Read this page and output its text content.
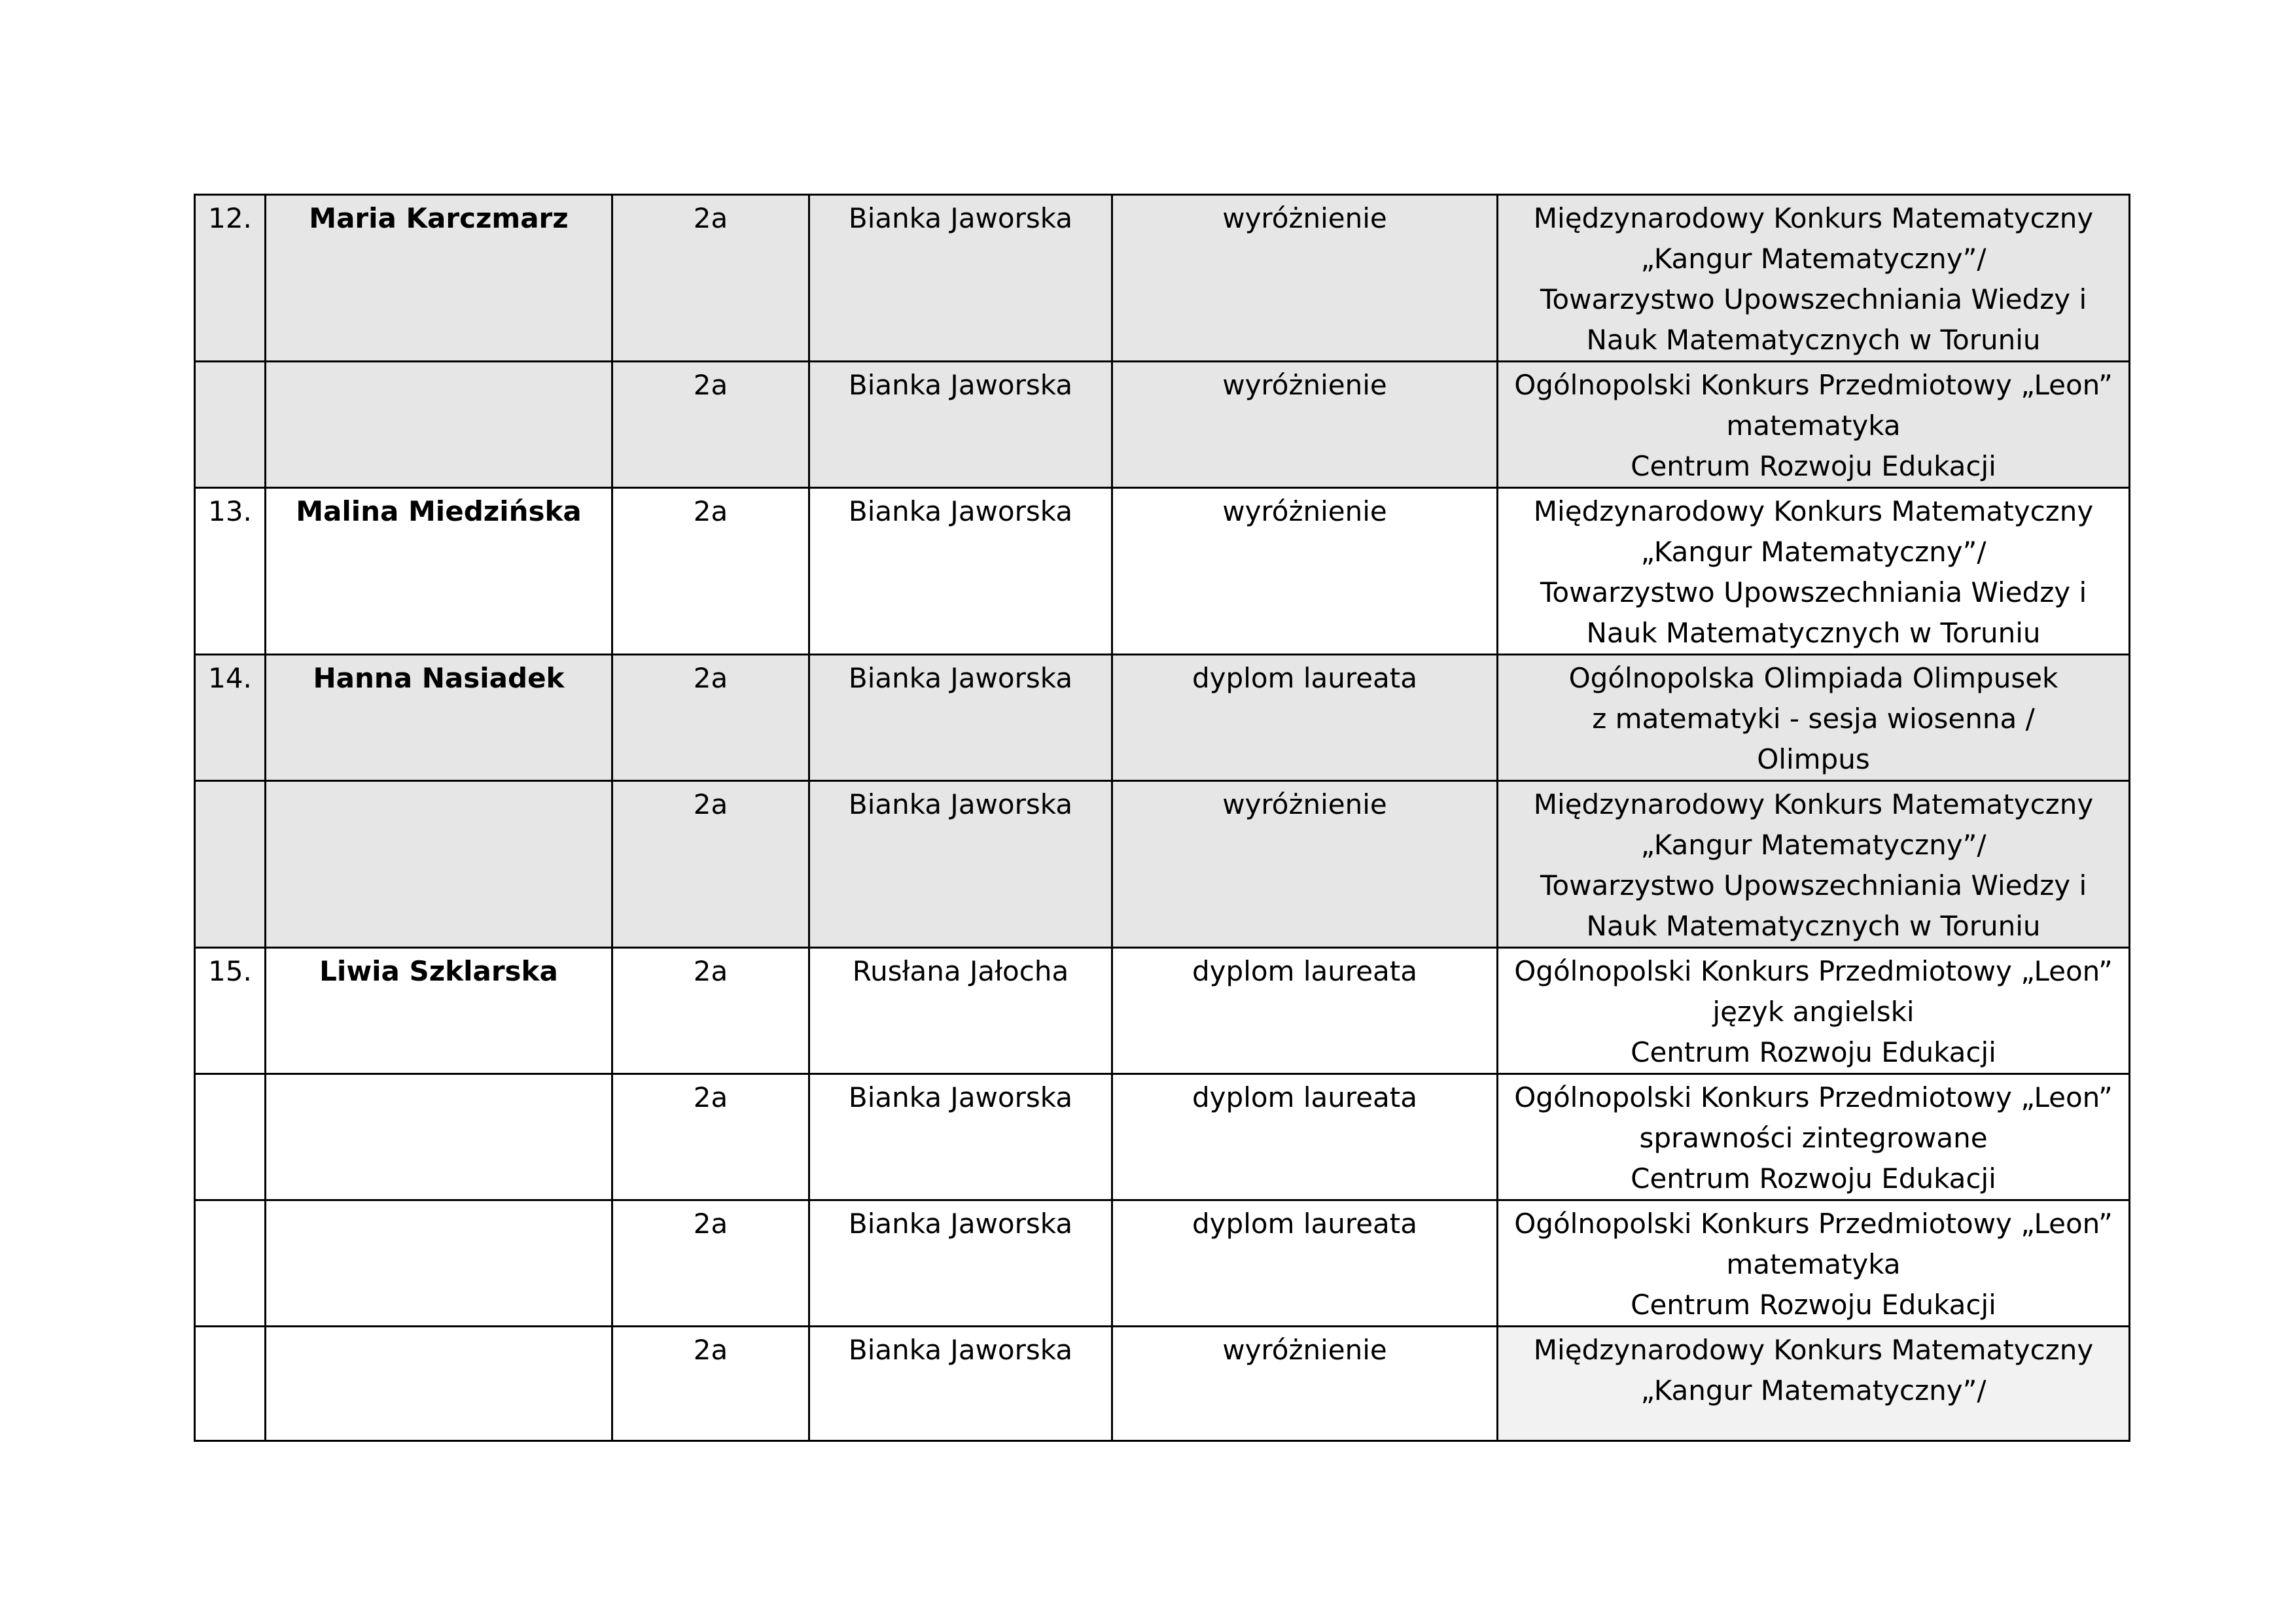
12.	Maria Karczmarz	2a	Bianka Jaworska	wyróżnienie	Międzynarodowy Konkurs Matematyczny
„Kangur Matematyczny”/
Towarzystwo Upowszechniania Wiedzy i
Nauk Matematycznych w Toruniu

		2a	Bianka Jaworska	wyróżnienie	Ogólnopolski Konkurs Przedmiotowy „Leon”
matematyka
Centrum Rozwoju Edukacji

13.	Malina Miedzińska	2a	Bianka Jaworska	wyróżnienie	Międzynarodowy Konkurs Matematyczny
„Kangur Matematyczny”/
Towarzystwo Upowszechniania Wiedzy i
Nauk Matematycznych w Toruniu

14.	Hanna Nasiadek	2a	Bianka Jaworska	dyplom laureata	Ogólnopolska Olimpiada Olimpusek
z matematyki - sesja wiosenna /
Olimpus

		2a	Bianka Jaworska	wyróżnienie	Międzynarodowy Konkurs Matematyczny
„Kangur Matematyczny”/
Towarzystwo Upowszechniania Wiedzy i
Nauk Matematycznych w Toruniu

15.	Liwia Szklarska	2a	Rusłana Jałocha	dyplom laureata	Ogólnopolski Konkurs Przedmiotowy „Leon”
język angielski
Centrum Rozwoju Edukacji

		2a	Bianka Jaworska	dyplom laureata	Ogólnopolski Konkurs Przedmiotowy „Leon”
sprawności zintegrowane
Centrum Rozwoju Edukacji

		2a	Bianka Jaworska	dyplom laureata	Ogólnopolski Konkurs Przedmiotowy „Leon”
matematyka
Centrum Rozwoju Edukacji

		2a	Bianka Jaworska	wyróżnienie	Międzynarodowy Konkurs Matematyczny
„Kangur Matematyczny”/
